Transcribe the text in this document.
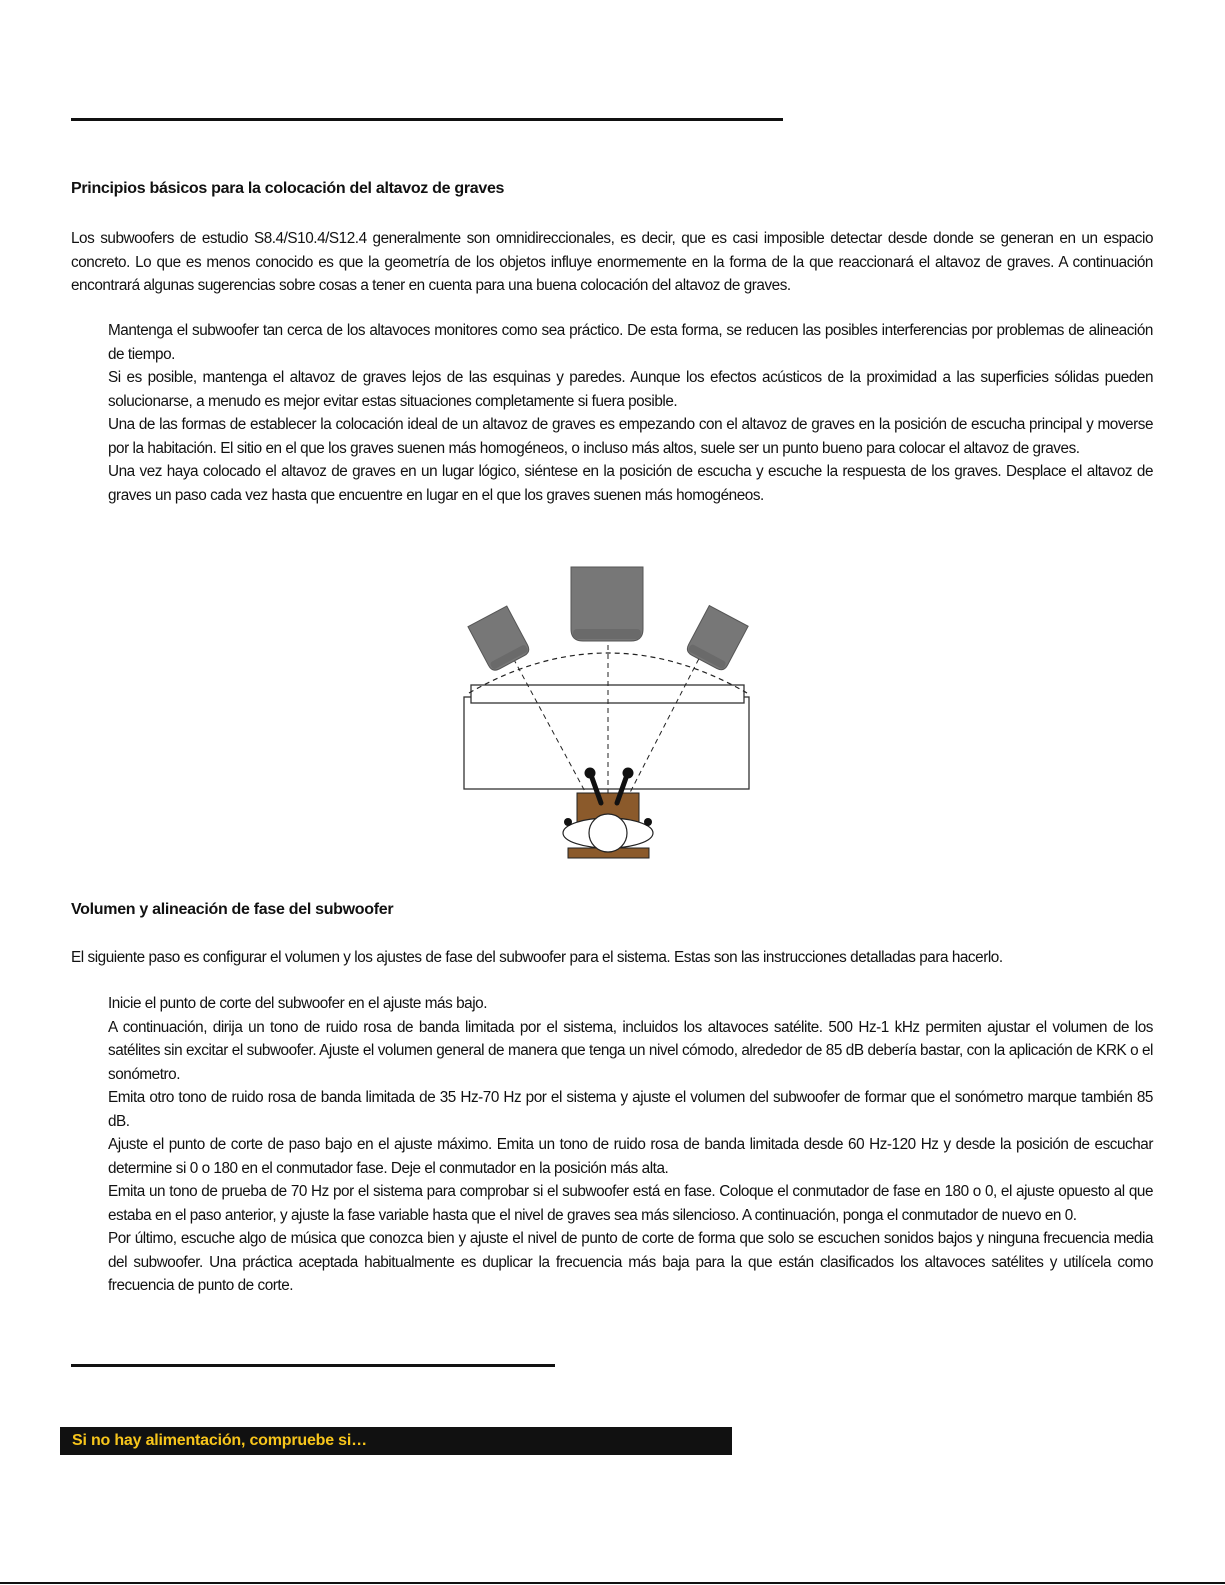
Principios básicos para la colocación del altavoz de graves

Los subwoofers de estudio S8.4/S10.4/S12.4 generalmente son omnidireccionales, es decir, que es casi imposible detectar desde donde se generan en un espacio concreto. Lo que es menos conocido es que la geometría de los objetos influye enormemente en la forma de la que reaccionará el altavoz de graves. A continuación encontrará algunas sugerencias sobre cosas a tener en cuenta para una buena colocación del altavoz de graves.

Mantenga el subwoofer tan cerca de los altavoces monitores como sea práctico. De esta forma, se reducen las posibles interferencias por problemas de alineación de tiempo.
Si es posible, mantenga el altavoz de graves lejos de las esquinas y paredes. Aunque los efectos acústicos de la proximidad a las superficies sólidas pueden solucionarse, a menudo es mejor evitar estas situaciones completamente si fuera posible.
Una de las formas de establecer la colocación ideal de un altavoz de graves es empezando con el altavoz de graves en la posición de escucha principal y moverse por la habitación. El sitio en el que los graves suenen más homogéneos, o incluso más altos, suele ser un punto bueno para colocar el altavoz de graves.
Una vez haya colocado el altavoz de graves en un lugar lógico, siéntese en la posición de escucha y escuche la respuesta de los graves. Desplace el altavoz de graves un paso cada vez hasta que encuentre en lugar en el que los graves suenen más homogéneos.
Volumen y alineación de fase del subwoofer

El siguiente paso es configurar el volumen y los ajustes de fase del subwoofer para el sistema. Estas son las instrucciones detalladas para hacerlo.

Inicie el punto de corte del subwoofer en el ajuste más bajo.
A continuación, dirija un tono de ruido rosa de banda limitada por el sistema, incluidos los altavoces satélite. 500 Hz-1 kHz permiten ajustar el volumen de los satélites sin excitar el subwoofer. Ajuste el volumen general de manera que tenga un nivel cómodo, alrededor de 85 dB debería bastar, con la aplicación de KRK o el sonómetro.
Emita otro tono de ruido rosa de banda limitada de 35 Hz-70 Hz por el sistema y ajuste el volumen del subwoofer de formar que el sonómetro marque también 85 dB.
Ajuste el punto de corte de paso bajo en el ajuste máximo. Emita un tono de ruido rosa de banda limitada desde 60 Hz-120 Hz y desde la posición de escuchar determine si 0 o 180 en el conmutador fase. Deje el conmutador en la posición más alta.
Emita un tono de prueba de 70 Hz por el sistema para comprobar si el subwoofer está en fase. Coloque el conmutador de fase en 180 o 0, el ajuste opuesto al que estaba en el paso anterior, y ajuste la fase variable hasta que el nivel de graves sea más silencioso. A continuación, ponga el conmutador de nuevo en 0.
Por último, escuche algo de música que conozca bien y ajuste el nivel de punto de corte de forma que solo se escuchen sonidos bajos y ninguna frecuencia media del subwoofer. Una práctica aceptada habitualmente es duplicar la frecuencia más baja para la que están clasificados los altavoces satélites y utilícela como frecuencia de punto de corte.
Si no hay alimentación, compruebe si…
